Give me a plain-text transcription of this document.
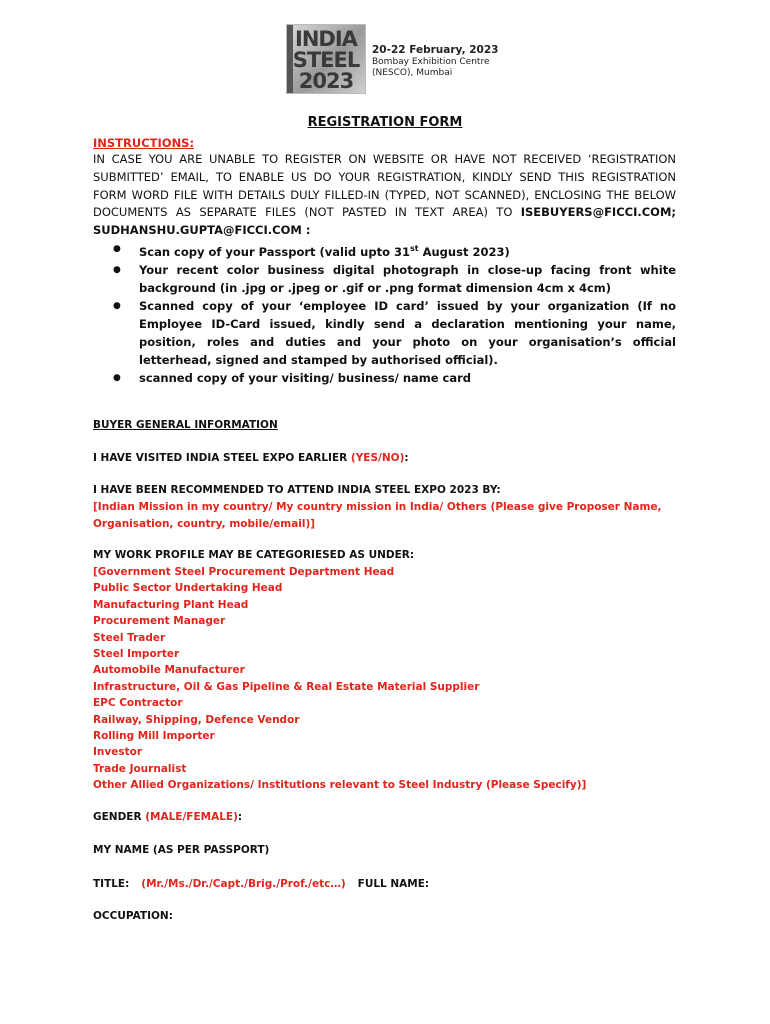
INDIA
STEEL
2023
20-22 February, 2023
Bombay Exhibition Centre
(NESCO), Mumbai
REGISTRATION FORM
INSTRUCTIONS:
IN CASE YOU ARE UNABLE TO REGISTER ON WEBSITE OR HAVE NOT RECEIVED ‘REGISTRATION SUBMITTED’ EMAIL, TO ENABLE US DO YOUR REGISTRATION, KINDLY SEND THIS REGISTRATION FORM WORD FILE WITH DETAILS DULY FILLED-IN (TYPED, NOT SCANNED), ENCLOSING THE BELOW DOCUMENTS AS SEPARATE FILES (NOT PASTED IN TEXT AREA) TO ISEBUYERS@FICCI.COM; SUDHANSHU.GUPTA@FICCI.COM :
● Scan copy of your Passport (valid upto 31st August 2023)
● Your recent color business digital photograph in close-up facing front white background (in .jpg or .jpeg or .gif or .png format dimension 4cm x 4cm)
● Scanned copy of your ‘employee ID card’ issued by your organization (If no Employee ID-Card issued, kindly send a declaration mentioning your name, position, roles and duties and your photo on your organisation’s official letterhead, signed and stamped by authorised official).
● scanned copy of your visiting/ business/ name card
BUYER GENERAL INFORMATION
I HAVE VISITED INDIA STEEL EXPO EARLIER (YES/NO):
I HAVE BEEN RECOMMENDED TO ATTEND INDIA STEEL EXPO 2023 BY:
[Indian Mission in my country/ My country mission in India/ Others (Please give Proposer Name, Organisation, country, mobile/email)]
MY WORK PROFILE MAY BE CATEGORIESED AS UNDER:
[Government Steel Procurement Department Head
Public Sector Undertaking Head
Manufacturing Plant Head
Procurement Manager
Steel Trader
Steel Importer
Automobile Manufacturer
Infrastructure, Oil & Gas Pipeline & Real Estate Material Supplier
EPC Contractor
Railway, Shipping, Defence Vendor
Rolling Mill Importer
Investor
Trade Journalist
Other Allied Organizations/ Institutions relevant to Steel Industry (Please Specify)]
GENDER (MALE/FEMALE):
MY NAME (AS PER PASSPORT)
TITLE: (Mr./Ms./Dr./Capt./Brig./Prof./etc…) FULL NAME:
OCCUPATION:
